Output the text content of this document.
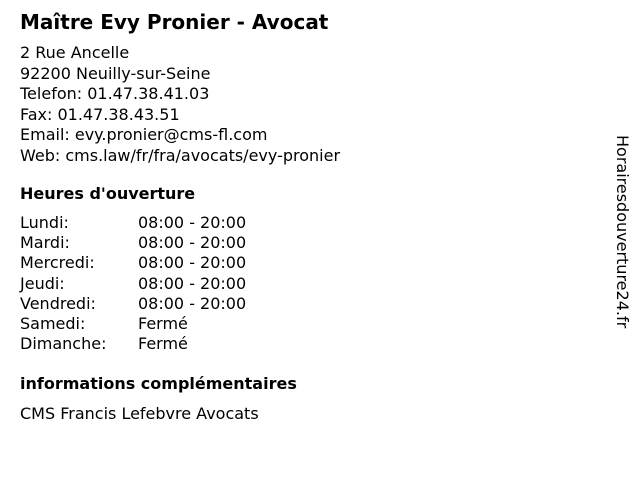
Maître Evy Pronier - Avocat
2 Rue Ancelle
92200 Neuilly-sur-Seine
Telefon: 01.47.38.41.03
Fax: 01.47.38.43.51
Email: evy.pronier@cms-fl.com
Web: cms.law/fr/fra/avocats/evy-pronier
Heures d'ouverture
Lundi:	08:00 - 20:00
Mardi:	08:00 - 20:00
Mercredi:	08:00 - 20:00
Jeudi:	08:00 - 20:00
Vendredi:	08:00 - 20:00
Samedi:	Fermé
Dimanche: Fermé
informations complémentaires
CMS Francis Lefebvre Avocats
Horairesdouverture24.fr
